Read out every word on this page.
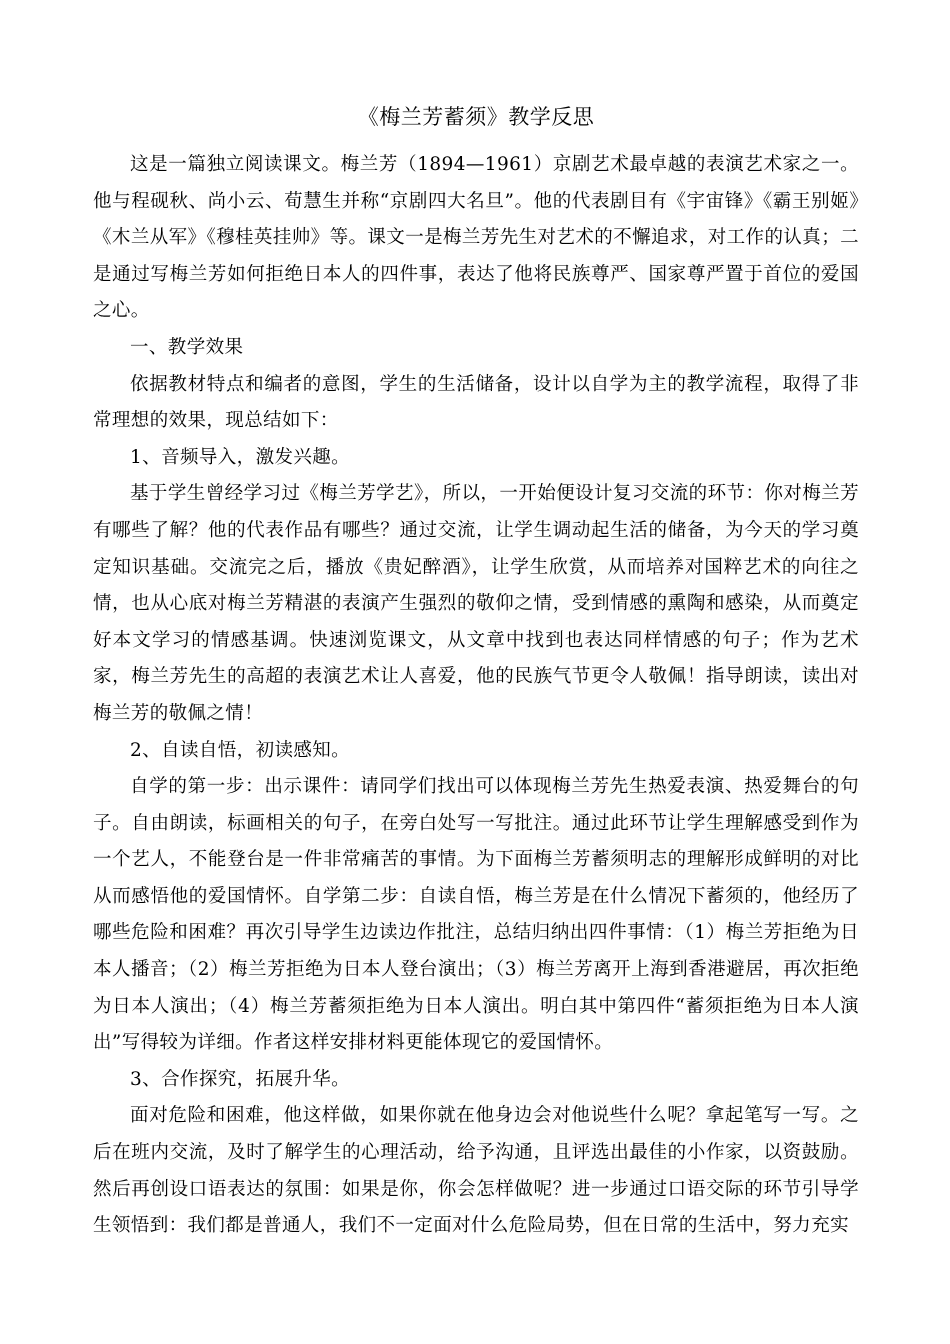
《梅兰芳蓄须》教学反思

这是一篇独立阅读课文。梅兰芳（1894—1961）京剧艺术最卓越的表演艺术家之一。他与程砚秋、尚小云、荀慧生并称“京剧四大名旦”。他的代表剧目有《宇宙锋》《霸王别姬》《木兰从军》《穆桂英挂帅》等。课文一是梅兰芳先生对艺术的不懈追求，对工作的认真；二是通过写梅兰芳如何拒绝日本人的四件事，表达了他将民族尊严、国家尊严置于首位的爱国之心。

一、教学效果

依据教材特点和编者的意图，学生的生活储备，设计以自学为主的教学流程，取得了非常理想的效果，现总结如下：

1、音频导入，激发兴趣。

基于学生曾经学习过《梅兰芳学艺》，所以，一开始便设计复习交流的环节：你对梅兰芳有哪些了解？他的代表作品有哪些？通过交流，让学生调动起生活的储备，为今天的学习奠定知识基础。交流完之后，播放《贵妃醉酒》，让学生欣赏，从而培养对国粹艺术的向往之情，也从心底对梅兰芳精湛的表演产生强烈的敬仰之情，受到情感的熏陶和感染，从而奠定好本文学习的情感基调。快速浏览课文，从文章中找到也表达同样情感的句子；作为艺术家，梅兰芳先生的高超的表演艺术让人喜爱，他的民族气节更令人敬佩！指导朗读，读出对梅兰芳的敬佩之情！

2、自读自悟，初读感知。

自学的第一步：出示课件：请同学们找出可以体现梅兰芳先生热爱表演、热爱舞台的句子。自由朗读，标画相关的句子，在旁白处写一写批注。通过此环节让学生理解感受到作为一个艺人，不能登台是一件非常痛苦的事情。为下面梅兰芳蓄须明志的理解形成鲜明的对比从而感悟他的爱国情怀。自学第二步：自读自悟，梅兰芳是在什么情况下蓄须的，他经历了哪些危险和困难？再次引导学生边读边作批注，总结归纳出四件事情：（1）梅兰芳拒绝为日本人播音；（2）梅兰芳拒绝为日本人登台演出；（3）梅兰芳离开上海到香港避居，再次拒绝为日本人演出；（4）梅兰芳蓄须拒绝为日本人演出。明白其中第四件“蓄须拒绝为日本人演出”写得较为详细。作者这样安排材料更能体现它的爱国情怀。

3、合作探究，拓展升华。

面对危险和困难，他这样做，如果你就在他身边会对他说些什么呢？拿起笔写一写。之后在班内交流，及时了解学生的心理活动，给予沟通，且评选出最佳的小作家，以资鼓励。然后再创设口语表达的氛围：如果是你，你会怎样做呢？进一步通过口语交际的环节引导学生领悟到：我们都是普通人，我们不一定面对什么危险局势，但在日常的生活中，努力充实
